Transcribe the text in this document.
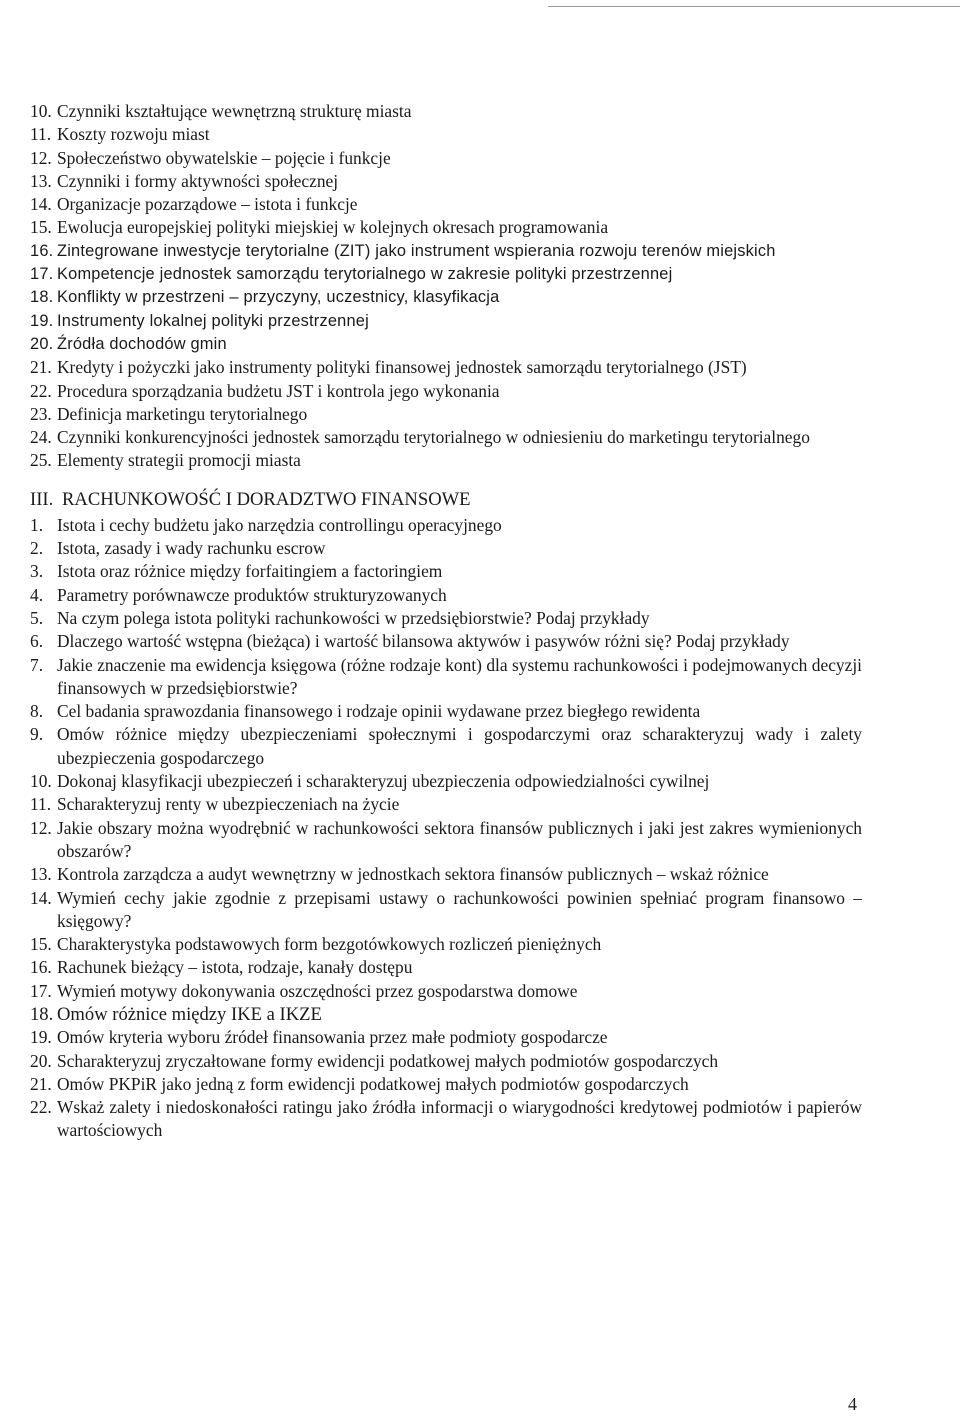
10. Czynniki kształtujące wewnętrzną strukturę miasta
11. Koszty rozwoju miast
12. Społeczeństwo obywatelskie – pojęcie i funkcje
13. Czynniki i formy aktywności społecznej
14. Organizacje pozarządowe – istota i funkcje
15. Ewolucja europejskiej polityki miejskiej w kolejnych okresach programowania
16. Zintegrowane inwestycje terytorialne (ZIT) jako instrument wspierania rozwoju terenów miejskich
17. Kompetencje jednostek samorządu terytorialnego w zakresie polityki przestrzennej
18. Konflikty w przestrzeni – przyczyny, uczestnicy, klasyfikacja
19. Instrumenty lokalnej polityki przestrzennej
20. Źródła dochodów gmin
21. Kredyty i pożyczki jako instrumenty polityki finansowej jednostek samorządu terytorialnego (JST)
22. Procedura sporządzania budżetu JST i kontrola jego wykonania
23. Definicja marketingu terytorialnego
24. Czynniki konkurencyjności jednostek samorządu terytorialnego w odniesieniu do marketingu terytorialnego
25. Elementy strategii promocji miasta
III. RACHUNKOWOŚĆ I DORADZTWO FINANSOWE
1. Istota i cechy budżetu jako narzędzia controllingu operacyjnego
2. Istota, zasady i wady rachunku escrow
3. Istota oraz różnice między forfaitingiem a factoringiem
4. Parametry porównawcze produktów strukturyzowanych
5. Na czym polega istota polityki rachunkowości w przedsiębiorstwie? Podaj przykłady
6. Dlaczego wartość wstępna (bieżąca) i wartość bilansowa aktywów i pasywów różni się? Podaj przykłady
7. Jakie znaczenie ma ewidencja księgowa (różne rodzaje kont) dla systemu rachunkowości i podejmowanych decyzji finansowych w przedsiębiorstwie?
8. Cel badania sprawozdania finansowego i rodzaje opinii wydawane przez biegłego rewidenta
9. Omów różnice między ubezpieczeniami społecznymi i gospodarczymi oraz scharakteryzuj wady i zalety ubezpieczenia gospodarczego
10. Dokonaj klasyfikacji ubezpieczeń i scharakteryzuj ubezpieczenia odpowiedzialności cywilnej
11. Scharakteryzuj renty w ubezpieczeniach na życie
12. Jakie obszary można wyodrębnić w rachunkowości sektora finansów publicznych i jaki jest zakres wymienionych obszarów?
13. Kontrola zarządcza a audyt wewnętrzny w jednostkach sektora finansów publicznych – wskaż różnice
14. Wymień cechy jakie zgodnie z przepisami ustawy o rachunkowości powinien spełniać program finansowo – księgowy?
15. Charakterystyka podstawowych form bezgotówkowych rozliczeń pieniężnych
16. Rachunek bieżący – istota, rodzaje, kanały dostępu
17. Wymień motywy dokonywania oszczędności przez gospodarstwa domowe
18. Omów różnice między IKE a IKZE
19. Omów kryteria wyboru źródeł finansowania przez małe podmioty gospodarcze
20. Scharakteryzuj zryczałtowane formy ewidencji podatkowej małych podmiotów gospodarczych
21. Omów PKPiR jako jedną z form ewidencji podatkowej małych podmiotów gospodarczych
22. Wskaż zalety i niedoskonałości ratingu jako źródła informacji o wiarygodności kredytowej podmiotów i papierów wartościowych
4
